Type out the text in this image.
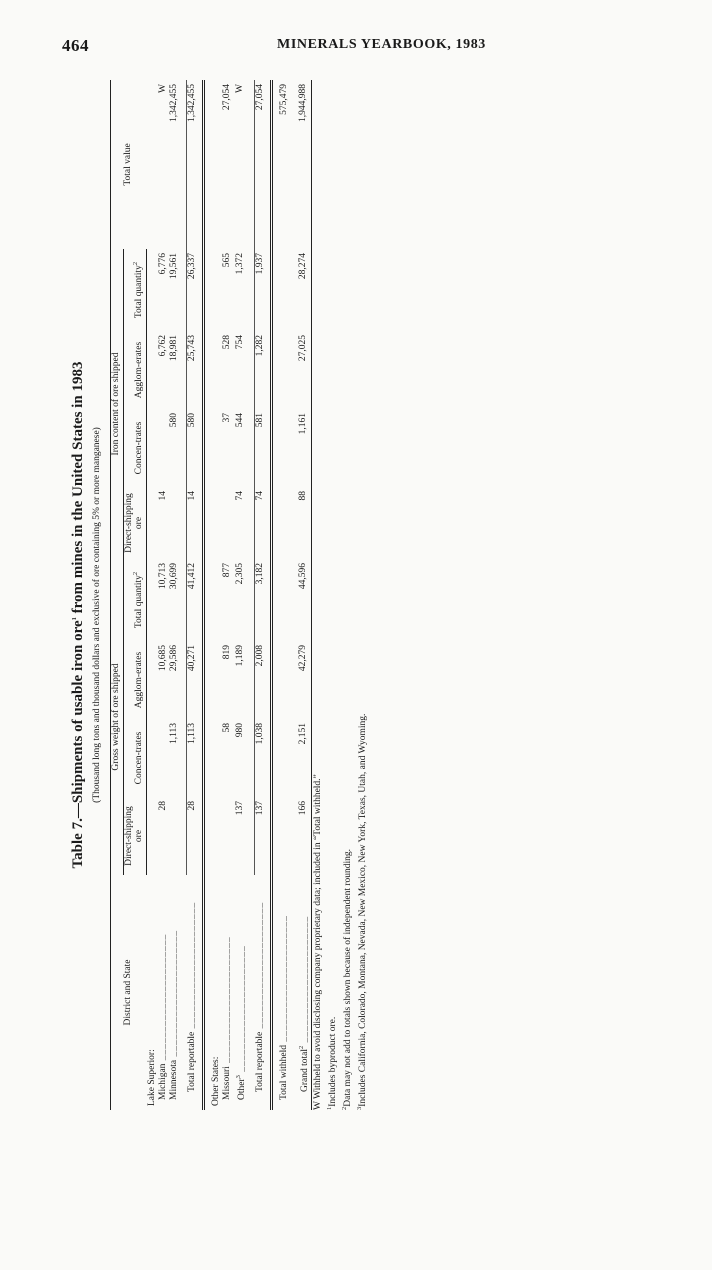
464	MINERALS YEARBOOK, 1983
Table 7.—Shipments of usable iron ore$^1$ from mines in the United States in 1983 (Thousand long tons and thousand dollars and exclusive of ore containing 5% or more manganese)
District and State	Gross weight of ore shipped				Iron content of ore shipped				Total value
	Direct-shipping ore	Concen-trates	Agglom-erates	Total quantity$^2$	Direct-shipping ore	Concen-trates	Agglom-erates	Total quantity$^2$
Lake Superior:									
Michigan ______________________	28		10,685	10,713	14		6,762	6,776	W
Minnesota ______________________		1,113	29,586	30,699		580	18,981	19,561	1,342,455

Total reportable ______________________	28	1,113	40,271	41,412	14	580	25,743	26,337	1,342,455

Other States:									
Missouri ______________________		58	819	877		37	528	565	27,054
Other$^3$ ______________________	137	980	1,189	2,305	74	544	754	1,372	W

Total reportable ______________________	137	1,038	2,008	3,182	74	581	1,282	1,937	27,054

Total withheld ______________________									575,479

Grand total$^2$ ______________________	166	2,151	42,279	44,596	88	1,161	27,025	28,274	1,944,988
W Withheld to avoid disclosing company proprietary data; included in “Total withheld.” $^1$Includes byproduct ore.
$^2$Data may not add to totals shown because of independent rounding.
$^3$Includes California, Colorado, Montana, Nevada, New Mexico, New York, Texas, Utah, and Wyoming.
